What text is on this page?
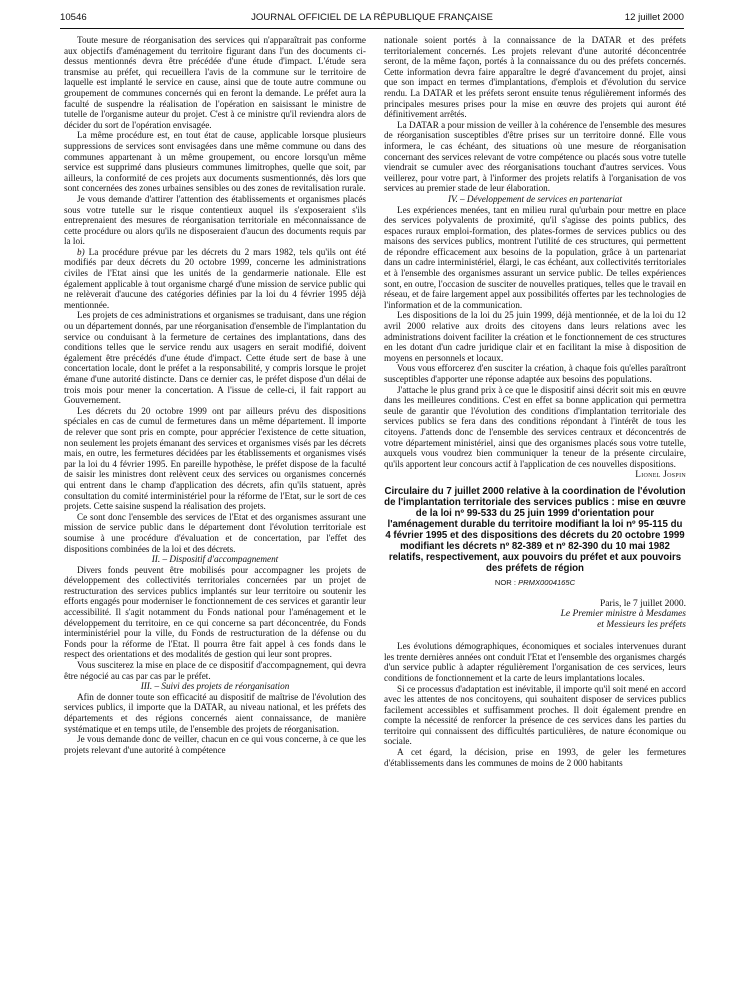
10546	JOURNAL OFFICIEL DE LA RÉPUBLIQUE FRANÇAISE	12 juillet 2000

Toute mesure de réorganisation des services qui n'apparaîtrait pas conforme aux objectifs d'aménagement du territoire figurant dans l'un des documents ci-dessus mentionnés devra être précédée d'une étude d'impact. L'étude sera transmise au préfet, qui recueillera l'avis de la commune sur le territoire de laquelle est implanté le service en cause, ainsi que de toute autre commune ou groupement de communes concernés qui en feront la demande. Le préfet aura la faculté de suspendre la réalisation de l'opération en saisissant le ministre de tutelle de l'organisme auteur du projet. C'est à ce ministre qu'il reviendra alors de décider du sort de l'opération envisagée.

La même procédure est, en tout état de cause, applicable lorsque plusieurs suppressions de services sont envisagées dans une même commune ou dans des communes appartenant à un même groupement, ou encore lorsqu'un même service est supprimé dans plusieurs communes limitrophes, quelle que soit, par ailleurs, la conformité de ces projets aux documents susmentionnés, dès lors que sont concernées des zones urbaines sensibles ou des zones de revitalisation rurale.

Je vous demande d'attirer l'attention des établissements et organismes placés sous votre tutelle sur le risque contentieux auquel ils s'exposeraient s'ils entreprenaient des mesures de réorganisation territoriale en méconnaissance de cette procédure ou alors qu'ils ne disposeraient d'aucun des documents requis par la loi.

b) La procédure prévue par les décrets du 2 mars 1982, tels qu'ils ont été modifiés par deux décrets du 20 octobre 1999, concerne les administrations civiles de l'Etat ainsi que les unités de la gendarmerie nationale. Elle est également applicable à tout organisme chargé d'une mission de service public qui ne relèverait d'aucune des catégories définies par la loi du 4 février 1995 déjà mentionnée.

Les projets de ces administrations et organismes se traduisant, dans une région ou un département donnés, par une réorganisation d'ensemble de l'implantation du service ou conduisant à la fermeture de certaines des implantations, dans des conditions telles que le service rendu aux usagers en serait modifié, doivent également être précédés d'une étude d'impact. Cette étude sert de base à une concertation locale, dont le préfet a la responsabilité, y compris lorsque le projet émane d'une autorité distincte. Dans ce dernier cas, le préfet dispose d'un délai de trois mois pour mener la concertation. A l'issue de celle-ci, il fait rapport au Gouvernement.

Les décrets du 20 octobre 1999 ont par ailleurs prévu des dispositions spéciales en cas de cumul de fermetures dans un même département. Il importe de relever que sont pris en compte, pour apprécier l'existence de cette situation, non seulement les projets émanant des services et organismes visés par les décrets mais, en outre, les fermetures décidées par les établissements et organismes visés par la loi du 4 février 1995. En pareille hypothèse, le préfet dispose de la faculté de saisir les ministres dont relèvent ceux des services ou organismes concernés qui entrent dans le champ d'application des décrets, afin qu'ils statuent, après consultation du comité interministériel pour la réforme de l'Etat, sur le sort de ces projets. Cette saisine suspend la réalisation des projets.

Ce sont donc l'ensemble des services de l'Etat et des organismes assurant une mission de service public dans le département dont l'évolution territoriale est soumise à une procédure d'évaluation et de concertation, par l'effet des dispositions combinées de la loi et des décrets.

II. – Dispositif d'accompagnement

Divers fonds peuvent être mobilisés pour accompagner les projets de développement des collectivités territoriales concernées par un projet de restructuration des services publics implantés sur leur territoire ou soutenir les efforts engagés pour moderniser le fonctionnement de ces services et garantir leur accessibilité. Il s'agit notamment du Fonds national pour l'aménagement et le développement du territoire, en ce qui concerne sa part déconcentrée, du Fonds interministériel pour la ville, du Fonds de restructuration de la défense ou du Fonds pour la réforme de l'Etat. Il pourra être fait appel à ces fonds dans le respect des orientations et des modalités de gestion qui leur sont propres.

Vous susciterez la mise en place de ce dispositif d'accompagnement, qui devra être négocié au cas par cas par le préfet.

III. – Suivi des projets de réorganisation

Afin de donner toute son efficacité au dispositif de maîtrise de l'évolution des services publics, il importe que la DATAR, au niveau national, et les préfets des départements et des régions concernés aient connaissance, de manière systématique et en temps utile, de l'ensemble des projets de réorganisation.

Je vous demande donc de veiller, chacun en ce qui vous concerne, à ce que les projets relevant d'une autorité à compétence

nationale soient portés à la connaissance de la DATAR et des préfets territorialement concernés. Les projets relevant d'une autorité déconcentrée seront, de la même façon, portés à la connaissance du ou des préfets concernés. Cette information devra faire apparaître le degré d'avancement du projet, ainsi que son impact en termes d'implantations, d'emplois et d'évolution du service rendu. La DATAR et les préfets seront ensuite tenus régulièrement informés des principales mesures prises pour la mise en œuvre des projets qui auront été définitivement arrêtés.

La DATAR a pour mission de veiller à la cohérence de l'ensemble des mesures de réorganisation susceptibles d'être prises sur un territoire donné. Elle vous informera, le cas échéant, des situations où une mesure de réorganisation concernant des services relevant de votre compétence ou placés sous votre tutelle viendrait se cumuler avec des réorganisations touchant d'autres services. Vous veillerez, pour votre part, à l'informer des projets relatifs à l'organisation de vos services au premier stade de leur élaboration.

IV. – Développement de services en partenariat

Les expériences menées, tant en milieu rural qu'urbain pour mettre en place des services polyvalents de proximité, qu'il s'agisse des points publics, des espaces ruraux emploi-formation, des plates-formes de services publics ou des maisons des services publics, montrent l'utilité de ces structures, qui permettent de répondre efficacement aux besoins de la population, grâce à un partenariat dans un cadre interministériel, élargi, le cas échéant, aux collectivités territoriales et à l'ensemble des organismes assurant un service public. De telles expériences sont, en outre, l'occasion de susciter de nouvelles pratiques, telles que le travail en réseau, et de faire largement appel aux possibilités offertes par les technologies de l'information et de la communication.

Les dispositions de la loi du 25 juin 1999, déjà mentionnée, et de la loi du 12 avril 2000 relative aux droits des citoyens dans leurs relations avec les administrations doivent faciliter la création et le fonctionnement de ces structures en les dotant d'un cadre juridique clair et en facilitant la mise à disposition de moyens en personnels et locaux.

Vous vous efforcerez d'en susciter la création, à chaque fois qu'elles paraîtront susceptibles d'apporter une réponse adaptée aux besoins des populations.

J'attache le plus grand prix à ce que le dispositif ainsi décrit soit mis en œuvre dans les meilleures conditions. C'est en effet sa bonne application qui permettra seule de garantir que l'évolution des conditions d'implantation territoriale des services publics se fera dans des conditions répondant à l'intérêt de tous les citoyens. J'attends donc de l'ensemble des services centraux et déconcentrés de votre département ministériel, ainsi que des organismes placés sous votre tutelle, auxquels vous voudrez bien communiquer la teneur de la présente circulaire, qu'ils apportent leur concours actif à l'application de ces nouvelles dispositions.

Lionel Jospin

Circulaire du 7 juillet 2000 relative à la coordination de l'évolution de l'implantation territoriale des services publics : mise en œuvre de la loi nº 99-533 du 25 juin 1999 d'orientation pour l'aménagement durable du territoire modifiant la loi nº 95-115 du 4 février 1995 et des dispositions des décrets du 20 octobre 1999 modifiant les décrets nº 82-389 et nº 82-390 du 10 mai 1982 relatifs, respectivement, aux pouvoirs du préfet et aux pouvoirs des préfets de région
NOR : PRMX0004165C

Paris, le 7 juillet 2000.

Le Premier ministre à Mesdames
et Messieurs les préfets

Les évolutions démographiques, économiques et sociales intervenues durant les trente dernières années ont conduit l'Etat et l'ensemble des organismes chargés d'un service public à adapter régulièrement l'organisation de ces services, leurs conditions de fonctionnement et la carte de leurs implantations locales.

Si ce processus d'adaptation est inévitable, il importe qu'il soit mené en accord avec les attentes de nos concitoyens, qui souhaitent disposer de services publics facilement accessibles et suffisamment proches. Il doit également prendre en compte la nécessité de renforcer la présence de ces services dans les parties du territoire qui connaissent des difficultés particulières, de nature économique ou sociale.

A cet égard, la décision, prise en 1993, de geler les fermetures d'établissements dans les communes de moins de 2 000 habitants
